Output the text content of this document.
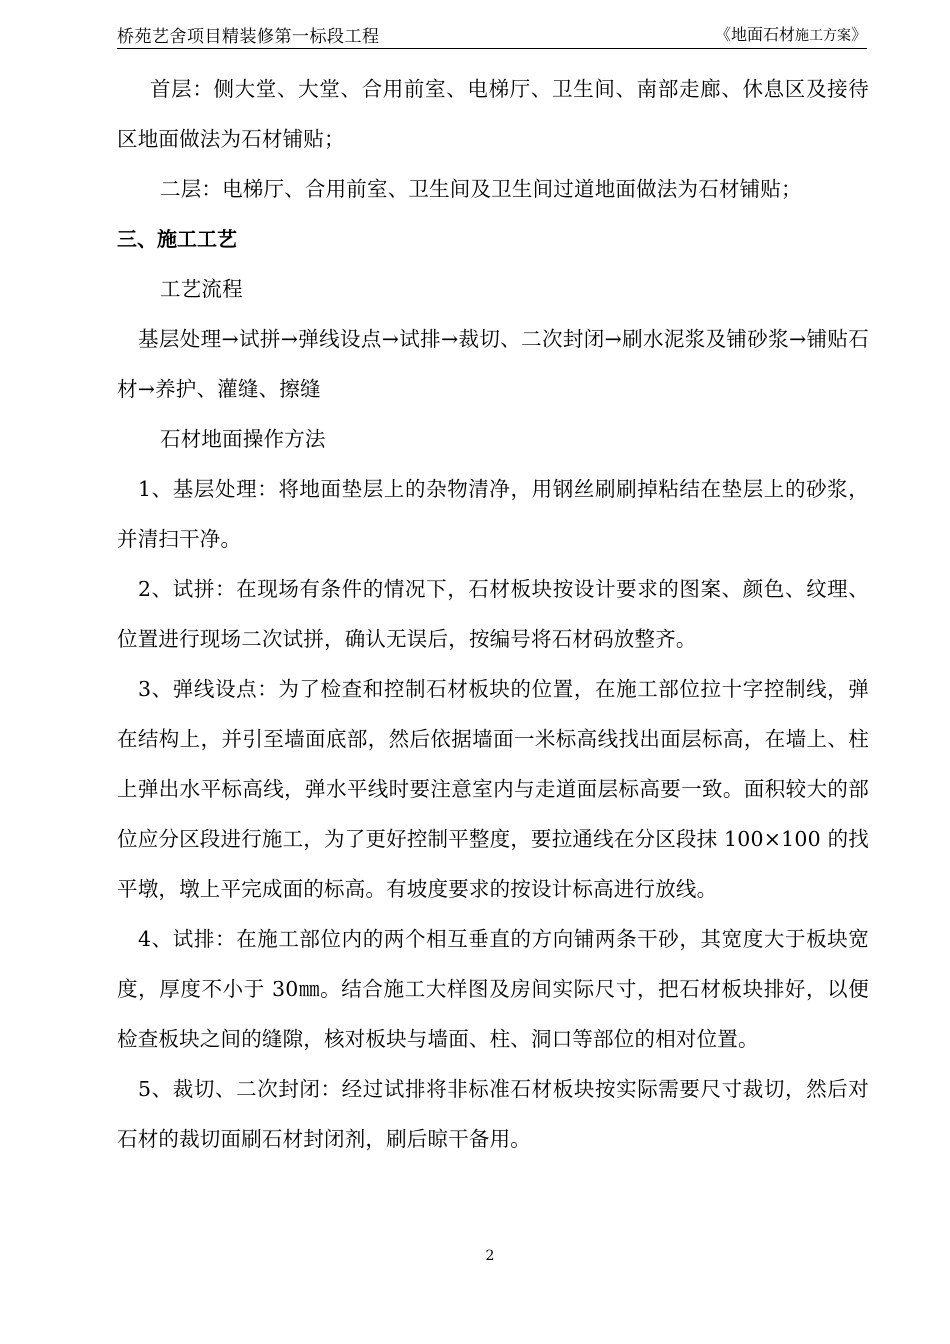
桥苑艺舍项目精装修第一标段工程	《地面石材施工方案》

首层：侧大堂、大堂、合用前室、电梯厅、卫生间、南部走廊、休息区及接待区地面做法为石材铺贴；

二层：电梯厅、合用前室、卫生间及卫生间过道地面做法为石材铺贴；

三、施工工艺

工艺流程

基层处理→试拼→弹线设点→试排→裁切、二次封闭→刷水泥浆及铺砂浆→铺贴石材→养护、灌缝、擦缝

石材地面操作方法

1、基层处理：将地面垫层上的杂物清净，用钢丝刷刷掉粘结在垫层上的砂浆，并清扫干净。

2、试拼：在现场有条件的情况下，石材板块按设计要求的图案、颜色、纹理、位置进行现场二次试拼，确认无误后，按编号将石材码放整齐。

3、弹线设点：为了检查和控制石材板块的位置，在施工部位拉十字控制线，弹在结构上，并引至墙面底部，然后依据墙面一米标高线找出面层标高，在墙上、柱上弹出水平标高线，弹水平线时要注意室内与走道面层标高要一致。面积较大的部位应分区段进行施工，为了更好控制平整度，要拉通线在分区段抹 100×100 的找平墩，墩上平完成面的标高。有坡度要求的按设计标高进行放线。

4、试排：在施工部位内的两个相互垂直的方向铺两条干砂，其宽度大于板块宽度，厚度不小于 30㎜。结合施工大样图及房间实际尺寸，把石材板块排好，以便检查板块之间的缝隙，核对板块与墙面、柱、洞口等部位的相对位置。

5、裁切、二次封闭：经过试排将非标准石材板块按实际需要尺寸裁切，然后对石材的裁切面刷石材封闭剂，刷后晾干备用。

2
